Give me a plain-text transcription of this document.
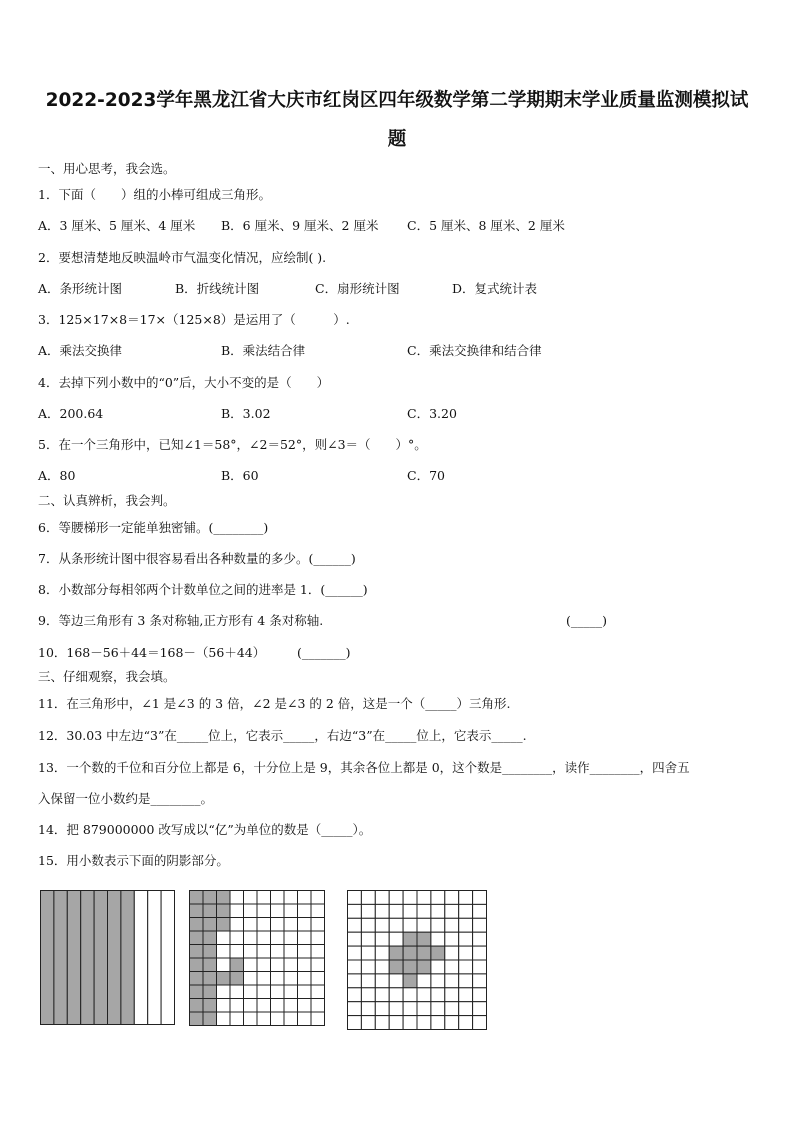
2022-2023学年黑龙江省大庆市红岗区四年级数学第二学期期末学业质量监测模拟试
题
一、用心思考，我会选。
1．下面（　　）组的小棒可组成三角形。
A．3 厘米、5 厘米、4 厘米 B．6 厘米、9 厘米、2 厘米 C．5 厘米、8 厘米、2 厘米
2．要想清楚地反映温岭市气温变化情况，应绘制( ).
A．条形统计图	B．折线统计图	C．扇形统计图	D．复式统计表
3．125×17×8＝17×（125×8）是运用了（　　　）.
A．乘法交换律	B．乘法结合律	C．乘法交换律和结合律
4．去掉下列小数中的“0”后，大小不变的是（　　）
A．200.64	B．3.02	C．3.20
5．在一个三角形中，已知∠1＝58°，∠2＝52°，则∠3＝（　　）°。
A．80	B．60	C．70
二、认真辨析，我会判。
6．等腰梯形一定能单独密铺。(________)
7．从条形统计图中很容易看出各种数量的多少。(______)
8．小数部分每相邻两个计数单位之间的进率是 1．(______)
9．等边三角形有 3 条对称轴,正方形有 4 条对称轴.	(_____)
10．168－56＋44＝168－（56＋44）	(_______)
三、仔细观察，我会填。
11．在三角形中，∠1 是∠3 的 3 倍，∠2 是∠3 的 2 倍，这是一个（_____）三角形.
12．30.03 中左边“3”在_____位上，它表示_____，右边“3”在_____位上，它表示_____.
13．一个数的千位和百分位上都是 6，十分位上是 9，其余各位上都是 0，这个数是________，读作________，四舍五
入保留一位小数约是________。
14．把 879000000 改写成以“亿”为单位的数是（_____）。
15．用小数表示下面的阴影部分。
